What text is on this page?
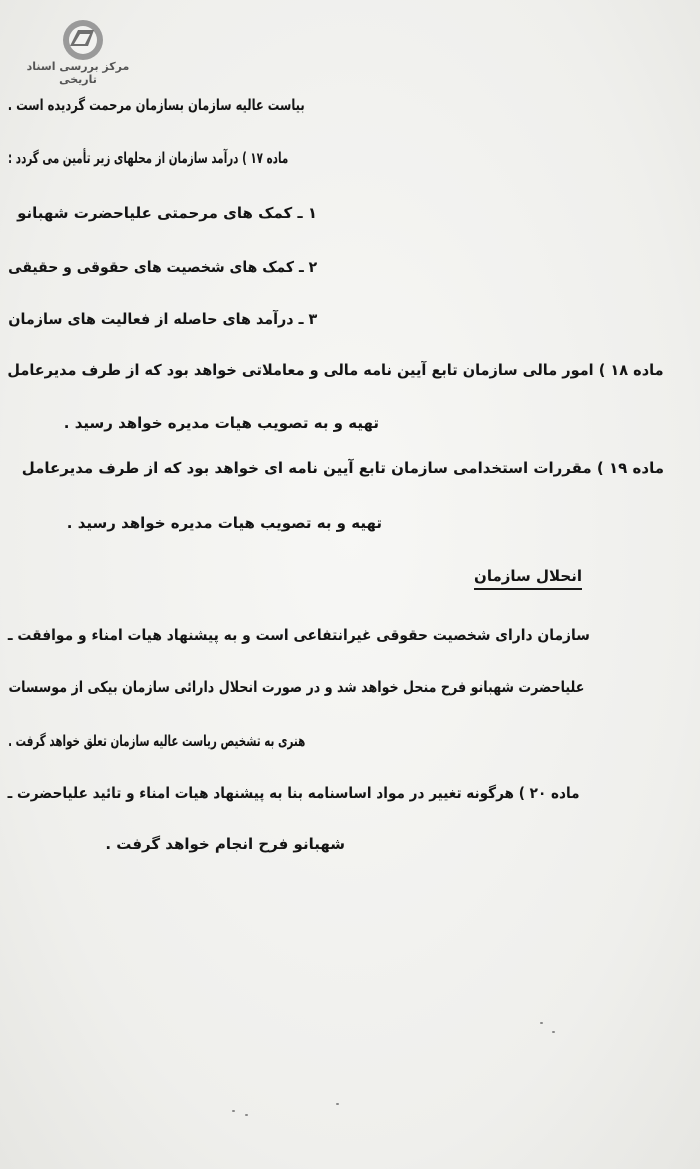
مرکز بررسی اسناد تاریخی
بیاست عالیه سازمان بسازمان مرحمت گردیده است .
ماده ۱۷ ) درآمد سازمان از محلهای زیر تأمین می گردد :
۱ ـ کمک های مرحمتی علیاحضرت شهبانو
۲ ـ کمک های شخصیت های حقوقی و حقیقی
۳ ـ درآمد های حاصله از فعالیت های سازمان
ماده ۱۸ ) امور مالی سازمان تابع آیین نامه مالی و معاملاتی خواهد بود که از طرف مدیرعامل
تهیه و به تصویب هیات مدیره خواهد رسید .
ماده ۱۹ ) مقررات استخدامی سازمان تابع آیین نامه ای خواهد بود که از طرف مدیرعامل
تهیه و به تصویب هیات مدیره خواهد رسید .
انحلال سازمان
سازمان دارای شخصیت حقوقی غیرانتفاعی است و به پیشنهاد هیات امناء و موافقت ـ
علیاحضرت شهبانو فرح منحل خواهد شد و در صورت انحلال دارائی سازمان بیکی از موسسات
هنری به تشخیص ریاست عالیه سازمان تعلق خواهد گرفت .
ماده ۲۰ ) هرگونه تغییر در مواد اساسنامه بنا به پیشنهاد هیات امناء و تائید علیاحضرت ـ
شهبانو فرح انجام خواهد گرفت .
